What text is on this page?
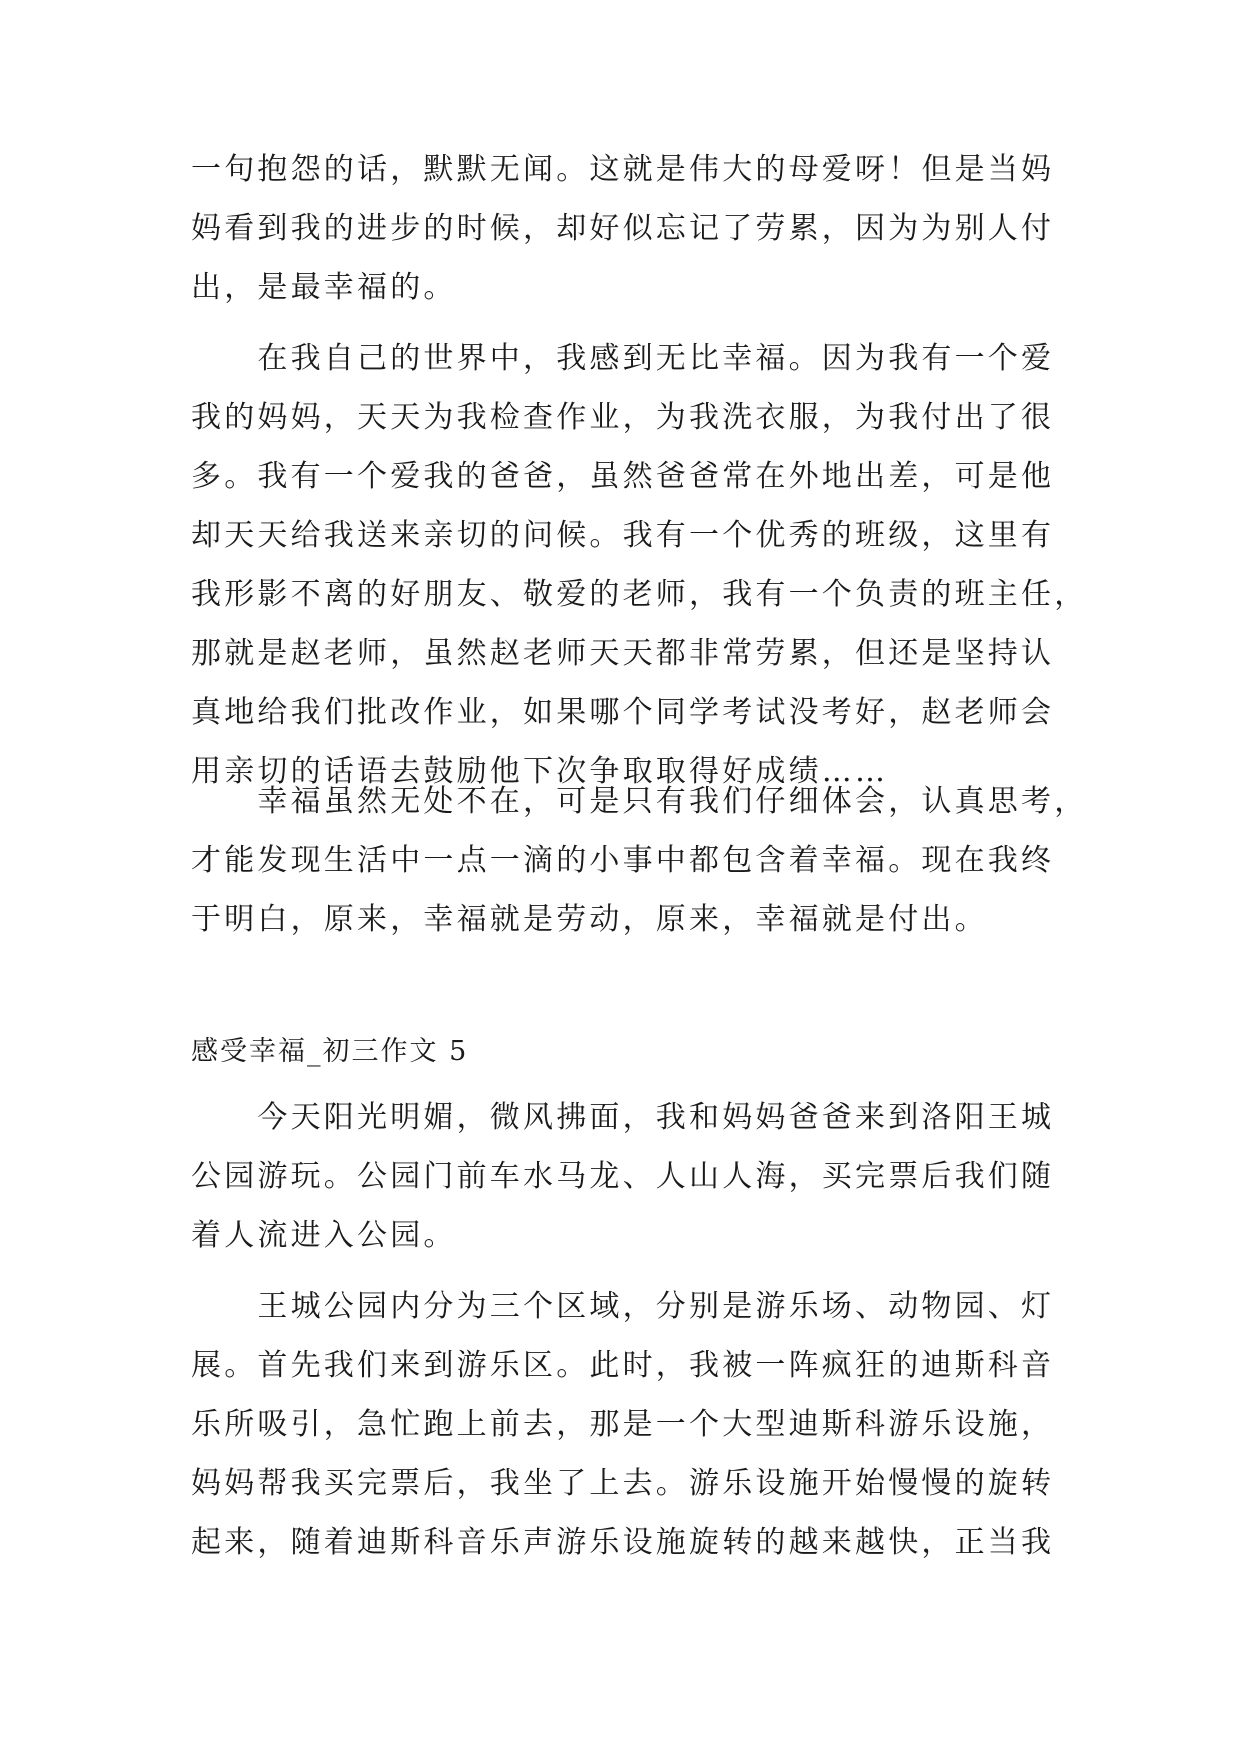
一句抱怨的话，默默无闻。这就是伟大的母爱呀！但是当妈
妈看到我的进步的时候，却好似忘记了劳累，因为为别人付
出，是最幸福的。
　　在我自己的世界中，我感到无比幸福。因为我有一个爱
我的妈妈，天天为我检查作业，为我洗衣服，为我付出了很
多。我有一个爱我的爸爸，虽然爸爸常在外地出差，可是他
却天天给我送来亲切的问候。我有一个优秀的班级，这里有
我形影不离的好朋友、敬爱的老师，我有一个负责的班主任，
那就是赵老师，虽然赵老师天天都非常劳累，但还是坚持认
真地给我们批改作业，如果哪个同学考试没考好，赵老师会
用亲切的话语去鼓励他下次争取取得好成绩……
　　幸福虽然无处不在，可是只有我们仔细体会，认真思考，
才能发现生活中一点一滴的小事中都包含着幸福。现在我终
于明白，原来，幸福就是劳动，原来，幸福就是付出。
感受幸福_初三作文 5
　　今天阳光明媚，微风拂面，我和妈妈爸爸来到洛阳王城
公园游玩。公园门前车水马龙、人山人海，买完票后我们随
着人流进入公园。
　　王城公园内分为三个区域，分别是游乐场、动物园、灯
展。首先我们来到游乐区。此时，我被一阵疯狂的迪斯科音
乐所吸引，急忙跑上前去，那是一个大型迪斯科游乐设施，
妈妈帮我买完票后，我坐了上去。游乐设施开始慢慢的旋转
起来，随着迪斯科音乐声游乐设施旋转的越来越快，正当我
